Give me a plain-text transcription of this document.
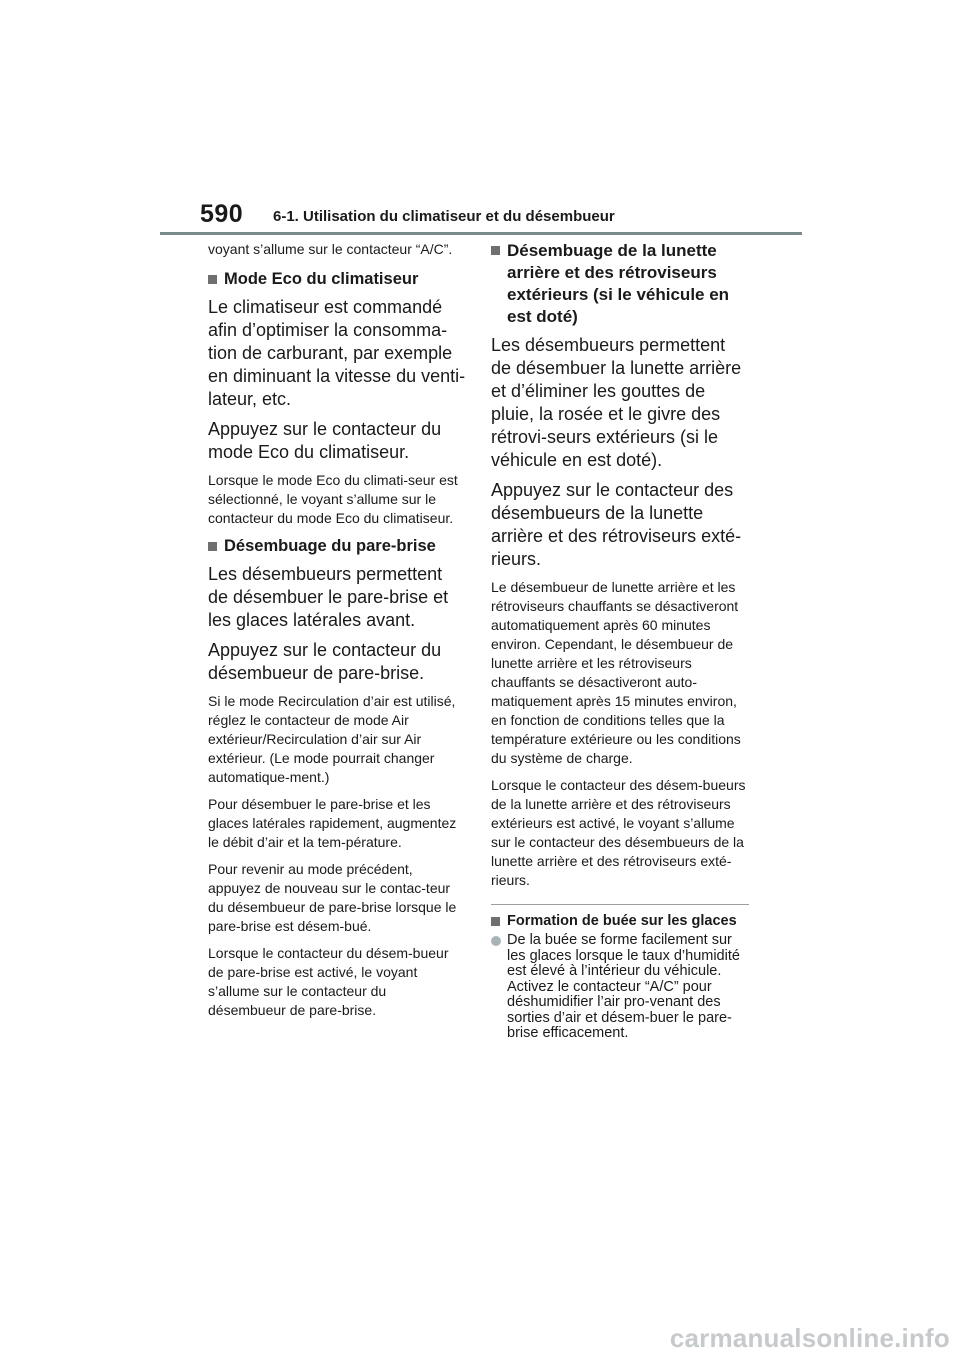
590 6-1. Utilisation du climatiseur et du désembueur

voyant s’allume sur le contacteur “A/C”.

Mode Eco du climatiseur

Le climatiseur est commandé afin d’optimiser la consomma-tion de carburant, par exemple en diminuant la vitesse du venti-lateur, etc.

Appuyez sur le contacteur du mode Eco du climatiseur.

Lorsque le mode Eco du climati-seur est sélectionné, le voyant s’allume sur le contacteur du mode Eco du climatiseur.

Désembuage du pare-brise

Les désembueurs permettent de désembuer le pare-brise et les glaces latérales avant.

Appuyez sur le contacteur du désembueur de pare-brise.

Si le mode Recirculation d’air est utilisé, réglez le contacteur de mode Air extérieur/Recirculation d’air sur Air extérieur. (Le mode pourrait changer automatique-ment.)

Pour désembuer le pare-brise et les glaces latérales rapidement, augmentez le débit d’air et la tem-pérature.

Pour revenir au mode précédent, appuyez de nouveau sur le contac-teur du désembueur de pare-brise lorsque le pare-brise est désem-bué.

Lorsque le contacteur du désem-bueur de pare-brise est activé, le voyant s’allume sur le contacteur du désembueur de pare-brise.

Désembuage de la lunette arrière et des rétroviseurs extérieurs (si le véhicule en est doté)

Les désembueurs permettent de désembuer la lunette arrière et d’éliminer les gouttes de pluie, la rosée et le givre des rétrovi-seurs extérieurs (si le véhicule en est doté).

Appuyez sur le contacteur des désembueurs de la lunette arrière et des rétroviseurs exté-rieurs.

Le désembueur de lunette arrière et les rétroviseurs chauffants se désactiveront automatiquement après 60 minutes environ. Cependant, le désembueur de lunette arrière et les rétroviseurs chauffants se désactiveront auto-matiquement après 15 minutes environ, en fonction de conditions telles que la température extérieure ou les conditions du système de charge.

Lorsque le contacteur des désem-bueurs de la lunette arrière et des rétroviseurs extérieurs est activé, le voyant s’allume sur le contacteur des désembueurs de la lunette arrière et des rétroviseurs exté-rieurs.

Formation de buée sur les glaces
De la buée se forme facilement sur les glaces lorsque le taux d’humidité est élevé à l’intérieur du véhicule. Activez le contacteur “A/C” pour déshumidifier l’air pro-venant des sorties d’air et désem-buer le pare-brise efficacement.
carmanualsonline.info
